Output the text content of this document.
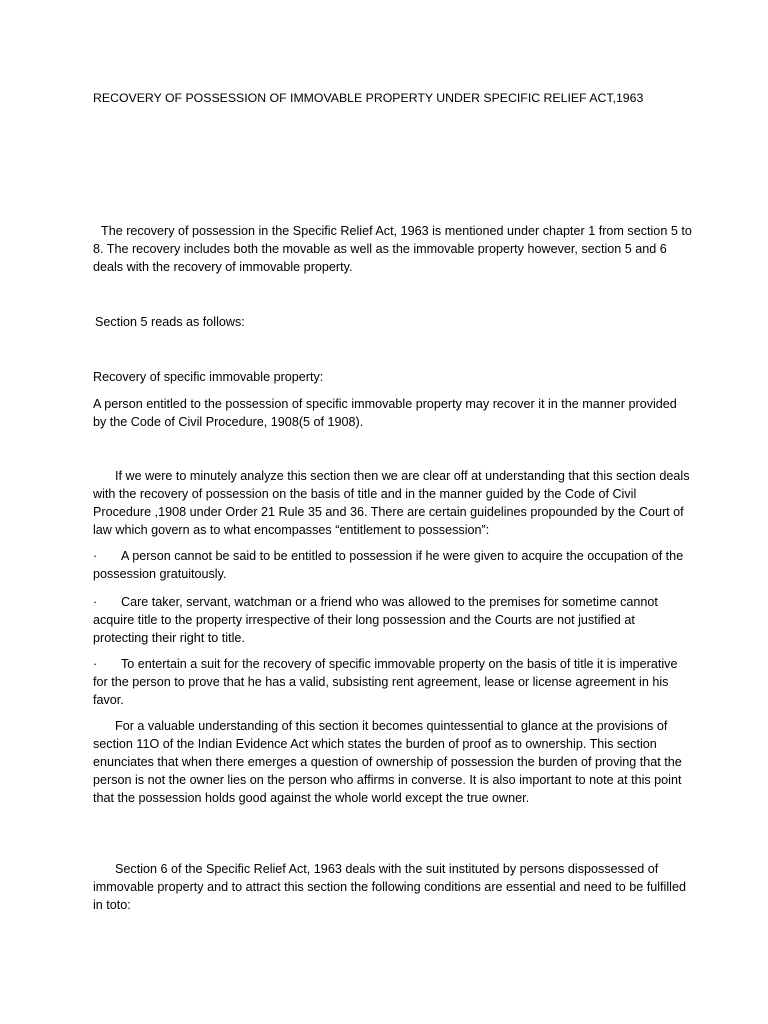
RECOVERY OF POSSESSION OF IMMOVABLE PROPERTY UNDER SPECIFIC RELIEF ACT,1963

The recovery of possession in the Specific Relief Act, 1963 is mentioned under chapter 1 from section 5 to 8. The recovery includes both the movable as well as the immovable property however, section 5 and 6 deals with the recovery of immovable property.

Section 5 reads as follows:

Recovery of specific immovable property:

A person entitled to the possession of specific immovable property may recover it in the manner provided by the Code of Civil Procedure, 1908(5 of 1908).

If we were to minutely analyze this section then we are clear off at understanding that this section deals with the recovery of possession on the basis of title and in the manner guided by the Code of Civil Procedure ,1908 under Order 21 Rule 35 and 36. There are certain guidelines propounded by the Court of law which govern as to what encompasses “entitlement to possession”:

· A person cannot be said to be entitled to possession if he were given to acquire the occupation of the possession gratuitously.

· Care taker, servant, watchman or a friend who was allowed to the premises for sometime cannot acquire title to the property irrespective of their long possession and the Courts are not justified at protecting their right to title.

· To entertain a suit for the recovery of specific immovable property on the basis of title it is imperative for the person to prove that he has a valid, subsisting rent agreement, lease or license agreement in his favor.

For a valuable understanding of this section it becomes quintessential to glance at the provisions of section 11O of the Indian Evidence Act which states the burden of proof as to ownership. This section enunciates that when there emerges a question of ownership of possession the burden of proving that the person is not the owner lies on the person who affirms in converse. It is also important to note at this point that the possession holds good against the whole world except the true owner.

Section 6 of the Specific Relief Act, 1963 deals with the suit instituted by persons dispossessed of immovable property and to attract this section the following conditions are essential and need to be fulfilled in toto:
